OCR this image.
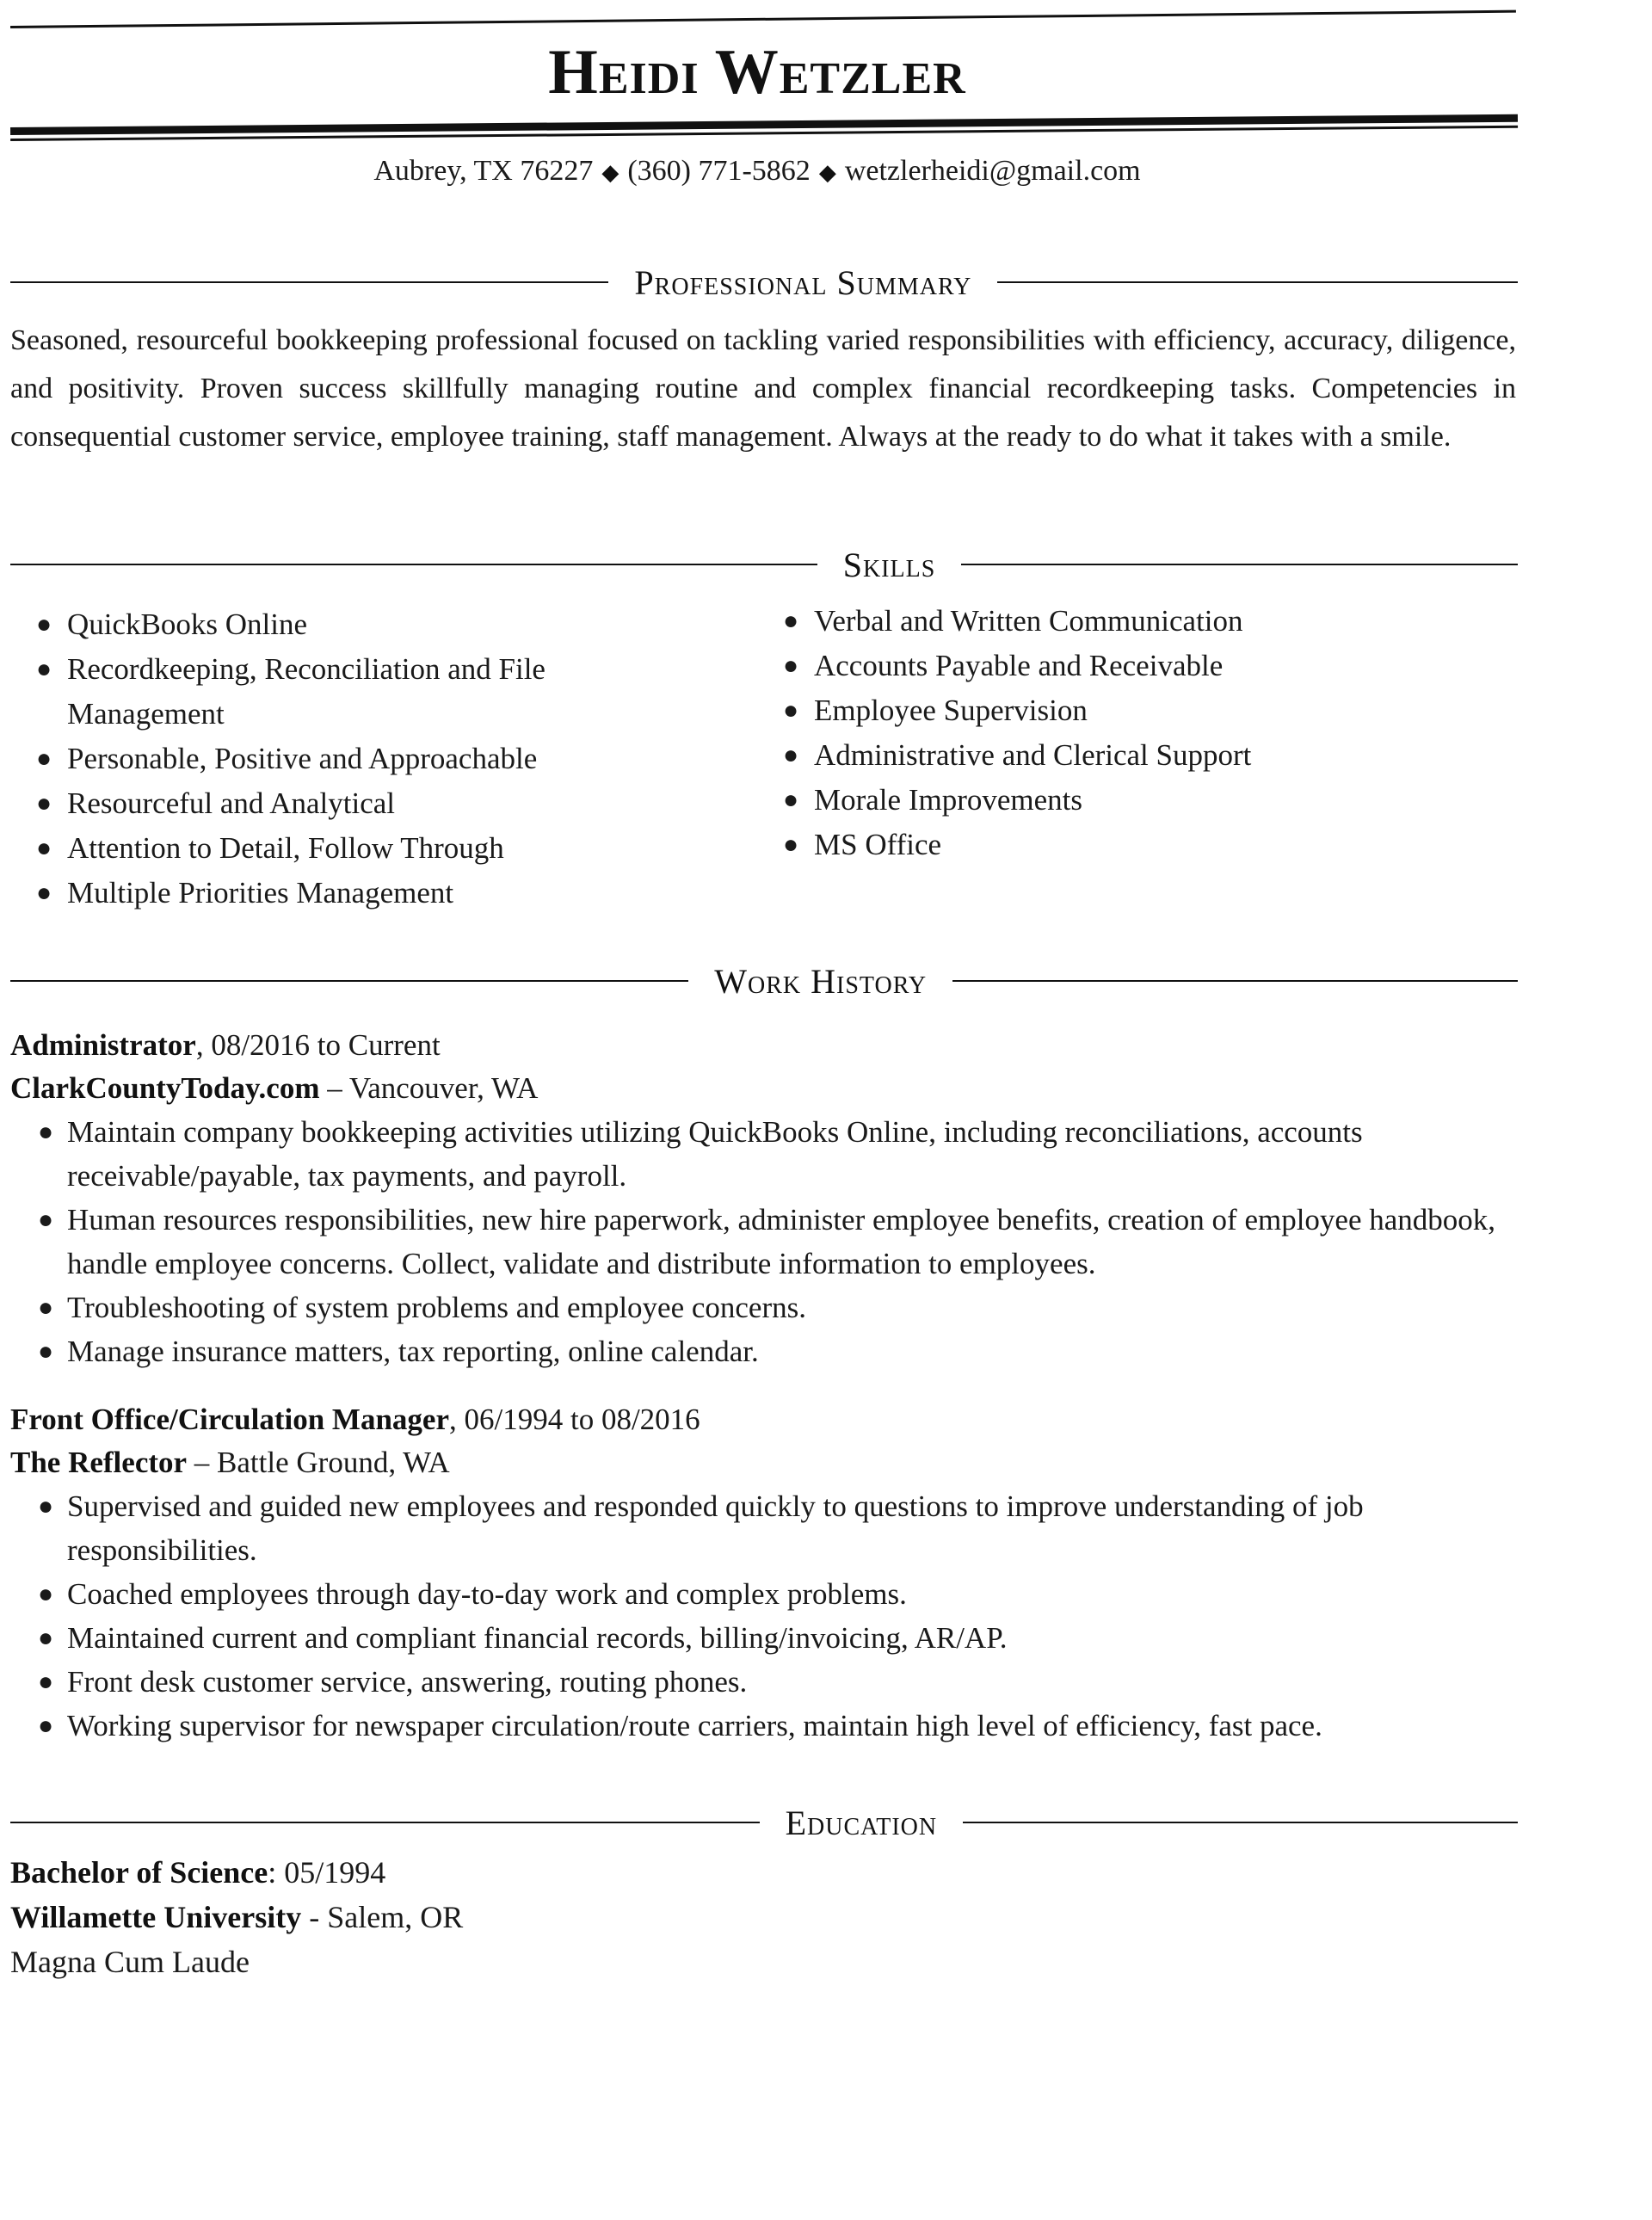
Heidi Wetzler
Aubrey, TX 76227 ◆ (360) 771-5862 ◆ wetzlerheidi@gmail.com
Professional Summary
Seasoned, resourceful bookkeeping professional focused on tackling varied responsibilities with efficiency, accuracy, diligence, and positivity. Proven success skillfully managing routine and complex financial recordkeeping tasks. Competencies in consequential customer service, employee training, staff management. Always at the ready to do what it takes with a smile.
Skills
● QuickBooks Online
● Recordkeeping, Reconciliation and File Management
● Personable, Positive and Approachable
● Resourceful and Analytical
● Attention to Detail, Follow Through
● Multiple Priorities Management
● Verbal and Written Communication
● Accounts Payable and Receivable
● Employee Supervision
● Administrative and Clerical Support
● Morale Improvements
● MS Office
Work History
Administrator, 08/2016 to Current
ClarkCountyToday.com – Vancouver, WA
● Maintain company bookkeeping activities utilizing QuickBooks Online, including reconciliations, accounts receivable/payable, tax payments, and payroll.
● Human resources responsibilities, new hire paperwork, administer employee benefits, creation of employee handbook, handle employee concerns. Collect, validate and distribute information to employees.
● Troubleshooting of system problems and employee concerns.
● Manage insurance matters, tax reporting, online calendar.
Front Office/Circulation Manager, 06/1994 to 08/2016
The Reflector – Battle Ground, WA
● Supervised and guided new employees and responded quickly to questions to improve understanding of job responsibilities.
● Coached employees through day-to-day work and complex problems.
● Maintained current and compliant financial records, billing/invoicing, AR/AP.
● Front desk customer service, answering, routing phones.
● Working supervisor for newspaper circulation/route carriers, maintain high level of efficiency, fast pace.
Education
Bachelor of Science: 05/1994
Willamette University - Salem, OR
Magna Cum Laude
